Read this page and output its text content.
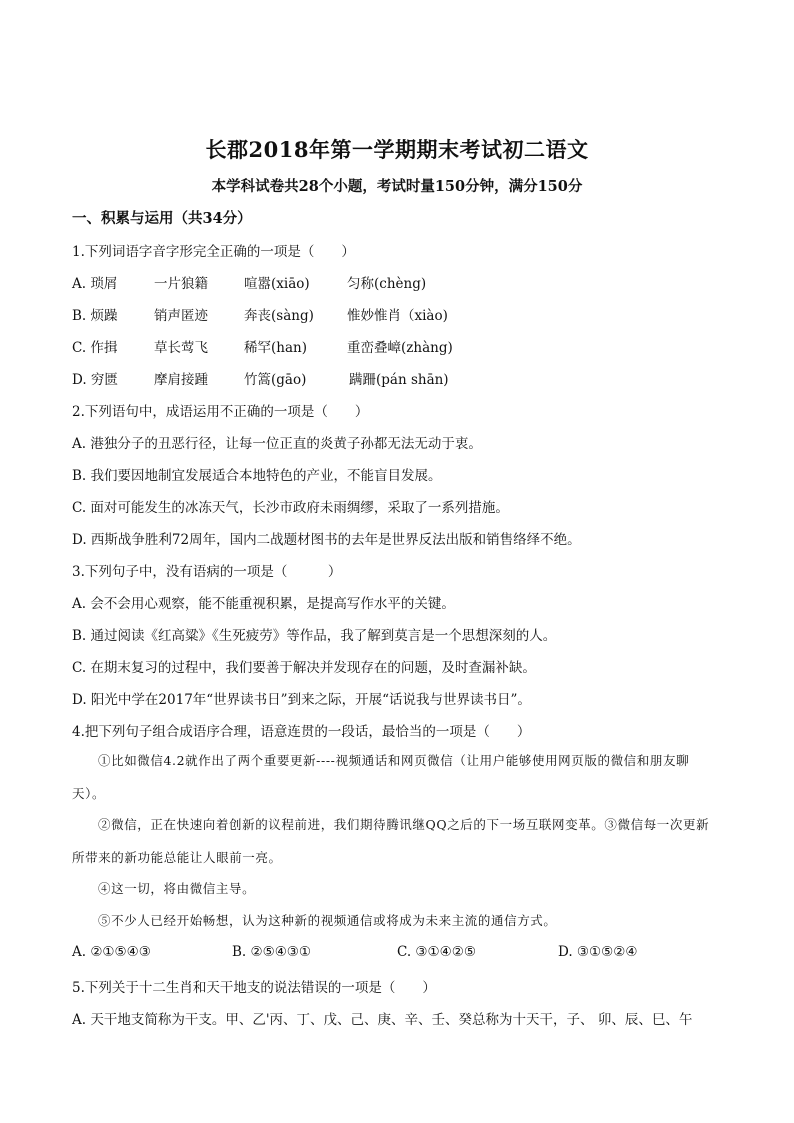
长郡2018年第一学期期末考试初二语文
本学科试卷共28个小题，考试时量150分钟，满分150分
一、积累与运用（共34分）
1.下列词语字音字形完全正确的一项是（　　）
A. 琐屑	一片狼籍	喧嚣(xiāo)	匀称(chèng)
B. 烦躁	销声匿迹	奔丧(sàng) 惟妙惟肖（xiào)
C. 作揖	草长莺飞	稀罕(han)	重峦叠嶂(zhàng)
D. 穷匮	摩肩接踵	竹篙(gāo)	蹒跚(pán shān)
2.下列语句中，成语运用不正确的一项是（　　）
A. 港独分子的丑恶行径，让每一位正直的炎黄子孙都无法无动于衷。
B. 我们要因地制宜发展适合本地特色的产业，不能盲目发展。
C. 面对可能发生的冰冻天气，长沙市政府未雨绸缪，采取了一系列措施。
D. 西斯战争胜利72周年，国内二战题材图书的去年是世界反法出版和销售络绎不绝。
3.下列句子中，没有语病的一项是（　　　）
A. 会不会用心观察，能不能重视积累，是提高写作水平的关键。
B. 通过阅读《红高粱》《生死疲劳》等作品，我了解到莫言是一个思想深刻的人。
C. 在期末复习的过程中，我们要善于解决并发现存在的问题，及时查漏补缺。
D. 阳光中学在2017年“世界读书日”到来之际，开展“话说我与世界读书日”。
4.把下列句子组合成语序合理，语意连贯的一段话，最恰当的一项是（　　）
①比如微信4.2就作出了两个重要更新----视频通话和网页微信（让用户能够使用网页版的微信和朋友聊天）。
②微信，正在快速向着创新的议程前进，我们期待腾讯继QQ之后的下一场互联网变革。③微信每一次更新所带来的新功能总能让人眼前一亮。
④这一切，将由微信主导。
⑤不少人已经开始畅想，认为这种新的视频通信或将成为未来主流的通信方式。
A. ②①⑤④③	B. ②⑤④③①	C. ③①④②⑤	D. ③①⑤②④
5.下列关于十二生肖和天干地支的说法错误的一项是（　　）
A. 天干地支简称为干支。甲、乙'丙、丁、戊、己、庚、辛、壬、癸总称为十天干，子、 卯、辰、巳、午
